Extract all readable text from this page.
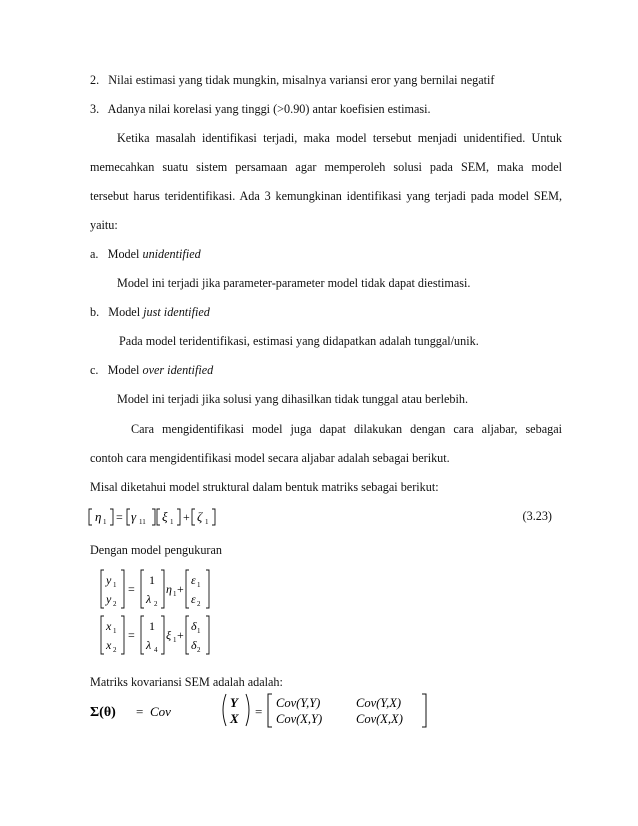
2. Nilai estimasi yang tidak mungkin, misalnya variansi eror yang bernilai negatif
3. Adanya nilai korelasi yang tinggi (>0.90) antar koefisien estimasi.
Ketika masalah identifikasi terjadi, maka model tersebut menjadi unidentified. Untuk
memecahkan suatu sistem persamaan agar memperoleh solusi pada SEM, maka model
tersebut harus teridentifikasi. Ada 3 kemungkinan identifikasi yang terjadi pada model SEM,
yaitu:
a. Model unidentified
Model ini terjadi jika parameter-parameter model tidak dapat diestimasi.
b. Model just identified
Pada model teridentifikasi, estimasi yang didapatkan adalah tunggal/unik.
c. Model over identified
Model ini terjadi jika solusi yang dihasilkan tidak tunggal atau berlebih.
Cara mengidentifikasi model juga dapat dilakukan dengan cara aljabar, sebagai
contoh cara mengidentifikasi model secara aljabar adalah sebagai berikut.
Misal diketahui model struktural dalam bentuk matriks sebagai berikut:
η 1 = γ 11 ξ 1 + ζ 1	(3.23)
Dengan model pengukuran
y 1
y 2
=
1
λ 2
η 1 +
ε 1
ε 2
x 1
x 2
=
1
λ 4
ξ 1 +
δ 1
δ 2
Matriks kovariansi SEM adalah adalah:
Σ(θ) = Cov
Y
X =
Cov(Y,Y)	Cov(Y,X)
Cov(X,Y)	Cov(X,X)
